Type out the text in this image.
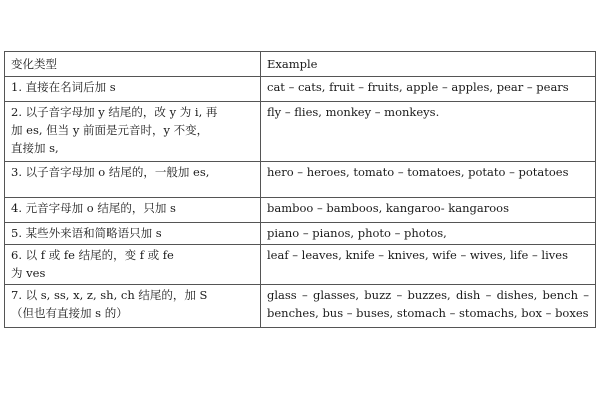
变化类型	Example
1. 直接在名词后加 s	cat – cats, fruit – fruits, apple – apples, pear – pears
2. 以子音字母加 y 结尾的，改 y 为 i, 再
加 es, 但当 y 前面是元音时，y 不变，
直接加 s,	fly – flies, monkey – monkeys.
3. 以子音字母加 o 结尾的，一般加 es,	hero – heroes, tomato – tomatoes, potato – potatoes
4. 元音字母加 o 结尾的，只加 s	bamboo – bamboos, kangaroo- kangaroos
5. 某些外来语和简略语只加 s	piano – pianos, photo – photos,
6. 以 f 或 fe 结尾的，变 f 或 fe
为 ves	leaf – leaves, knife – knives, wife – wives, life – lives
7. 以 s, ss, x, z, sh, ch 结尾的，加 S
（但也有直接加 s 的）	glass – glasses, buzz – buzzes, dish – dishes, bench – benches, bus – buses, stomach – stomachs, box – boxes
